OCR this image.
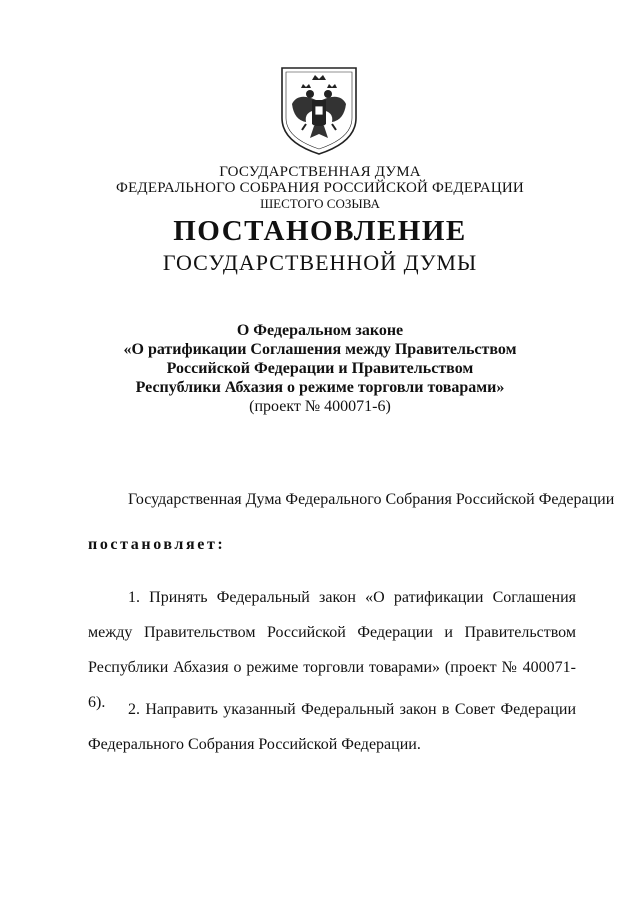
ГОСУДАРСТВЕННАЯ ДУМА

ФЕДЕРАЛЬНОГО СОБРАНИЯ РОССИЙСКОЙ ФЕДЕРАЦИИ

ШЕСТОГО СОЗЫВА

ПОСТАНОВЛЕНИЕ

ГОСУДАРСТВЕННОЙ ДУМЫ

О Федеральном законе
«О ратификации Соглашения между Правительством
Российской Федерации и Правительством
Республики Абхазия о режиме торговли товарами»
(проект № 400071-6)

Государственная Дума Федерального Собрания Российской Федерации

постановляет:

1. Принять Федеральный закон «О ратификации Соглашения между Правительством Российской Федерации и Правительством Республики Абхазия о режиме торговли товарами» (проект № 400071-6).	2. Направить указанный Федеральный закон в Совет Федерации Федерального Собрания Российской Федерации.
